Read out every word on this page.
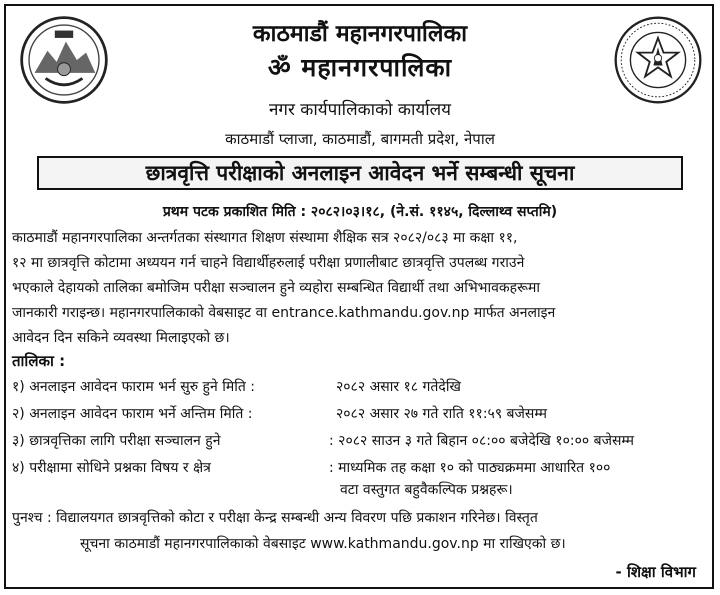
काठमाडौं महानगरपालिका
ॐ महानगरपालिका
नगर कार्यपालिकाको कार्यालय
काठमाडौं प्लाजा, काठमाडौं, बागमती प्रदेश, नेपाल
छात्रवृत्ति परीक्षाको अनलाइन आवेदन भर्ने सम्बन्धी सूचना
प्रथम पटक प्रकाशित मिति : २०८२।०३।१८, (ने.सं. ११४५, दिल्लाथ्व सप्तमि)
काठमाडौं महानगरपालिका अन्तर्गतका संस्थागत शिक्षण संस्थामा शैक्षिक सत्र २०८२/०८३ मा कक्षा ११,
१२ मा छात्रवृत्ति कोटामा अध्ययन गर्न चाहने विद्यार्थीहरुलाई परीक्षा प्रणालीबाट छात्रवृत्ति उपलब्ध गराउने
भएकाले देहायको तालिका बमोजिम परीक्षा सञ्चालन हुने व्यहोरा सम्बन्धित विद्यार्थी तथा अभिभावकहरूमा
जानकारी गराइन्छ। महानगरपालिकाको वेबसाइट वा entrance.kathmandu.gov.np मार्फत अनलाइन
आवेदन दिन सकिने व्यवस्था मिलाइएको छ।
तालिका :
१) अनलाइन आवेदन फाराम भर्न सुरु हुने मिति :	२०८२ असार १८ गतेदेखि
२) अनलाइन आवेदन फाराम भर्ने अन्तिम मिति :	२०८२ असार २७ गते राति ११:५९ बजेसम्म
३) छात्रवृत्तिका लागि परीक्षा सञ्चालन हुने	: २०८२ साउन ३ गते बिहान ०८:०० बजेदेखि १०:०० बजेसम्म
४) परीक्षामा सोधिने प्रश्नका विषय र क्षेत्र	: माध्यमिक तह कक्षा १० को पाठ्यक्रममा आधारित १००
वटा वस्तुगत बहुवैकल्पिक प्रश्नहरू।
पुनश्च : विद्यालयगत छात्रवृत्तिको कोटा र परीक्षा केन्द्र सम्बन्धी अन्य विवरण पछि प्रकाशन गरिनेछ। विस्तृत
सूचना काठमाडौं महानगरपालिकाको वेबसाइट www.kathmandu.gov.np मा राखिएको छ।
- शिक्षा विभाग
